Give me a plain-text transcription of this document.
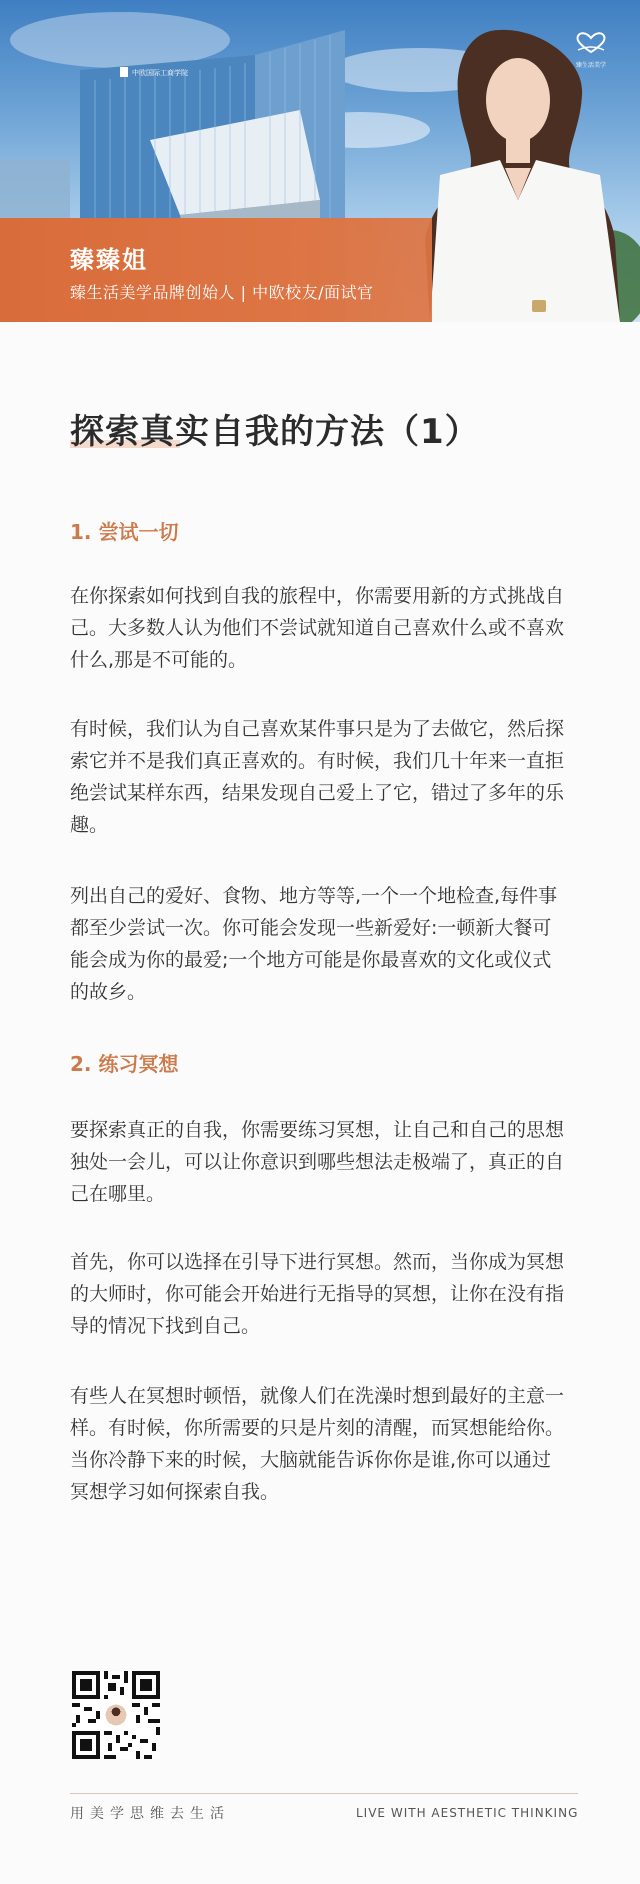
中欧国际工商学院
臻生活美学
臻臻姐
臻生活美学品牌创始人 | 中欧校友/面试官
探索真实自我的方法（1）
1. 尝试一切

在你探索如何找到自我的旅程中，你需要用新的方式挑战自己。大多数人认为他们不尝试就知道自己喜欢什么或不喜欢什么,那是不可能的。

有时候，我们认为自己喜欢某件事只是为了去做它，然后探索它并不是我们真正喜欢的。有时候，我们几十年来一直拒绝尝试某样东西，结果发现自己爱上了它，错过了多年的乐趣。

列出自己的爱好、食物、地方等等,一个一个地检查,每件事都至少尝试一次。你可能会发现一些新爱好:一顿新大餐可能会成为你的最爱;一个地方可能是你最喜欢的文化或仪式的故乡。

2. 练习冥想

要探索真正的自我，你需要练习冥想，让自己和自己的思想独处一会儿，可以让你意识到哪些想法走极端了，真正的自己在哪里。

首先，你可以选择在引导下进行冥想。然而，当你成为冥想的大师时，你可能会开始进行无指导的冥想，让你在没有指导的情况下找到自己。

有些人在冥想时顿悟，就像人们在洗澡时想到最好的主意一样。有时候，你所需要的只是片刻的清醒，而冥想能给你。当你冷静下来的时候，大脑就能告诉你你是谁,你可以通过冥想学习如何探索自我。

用美学思维去生活	LIVE WITH AESTHETIC THINKING
